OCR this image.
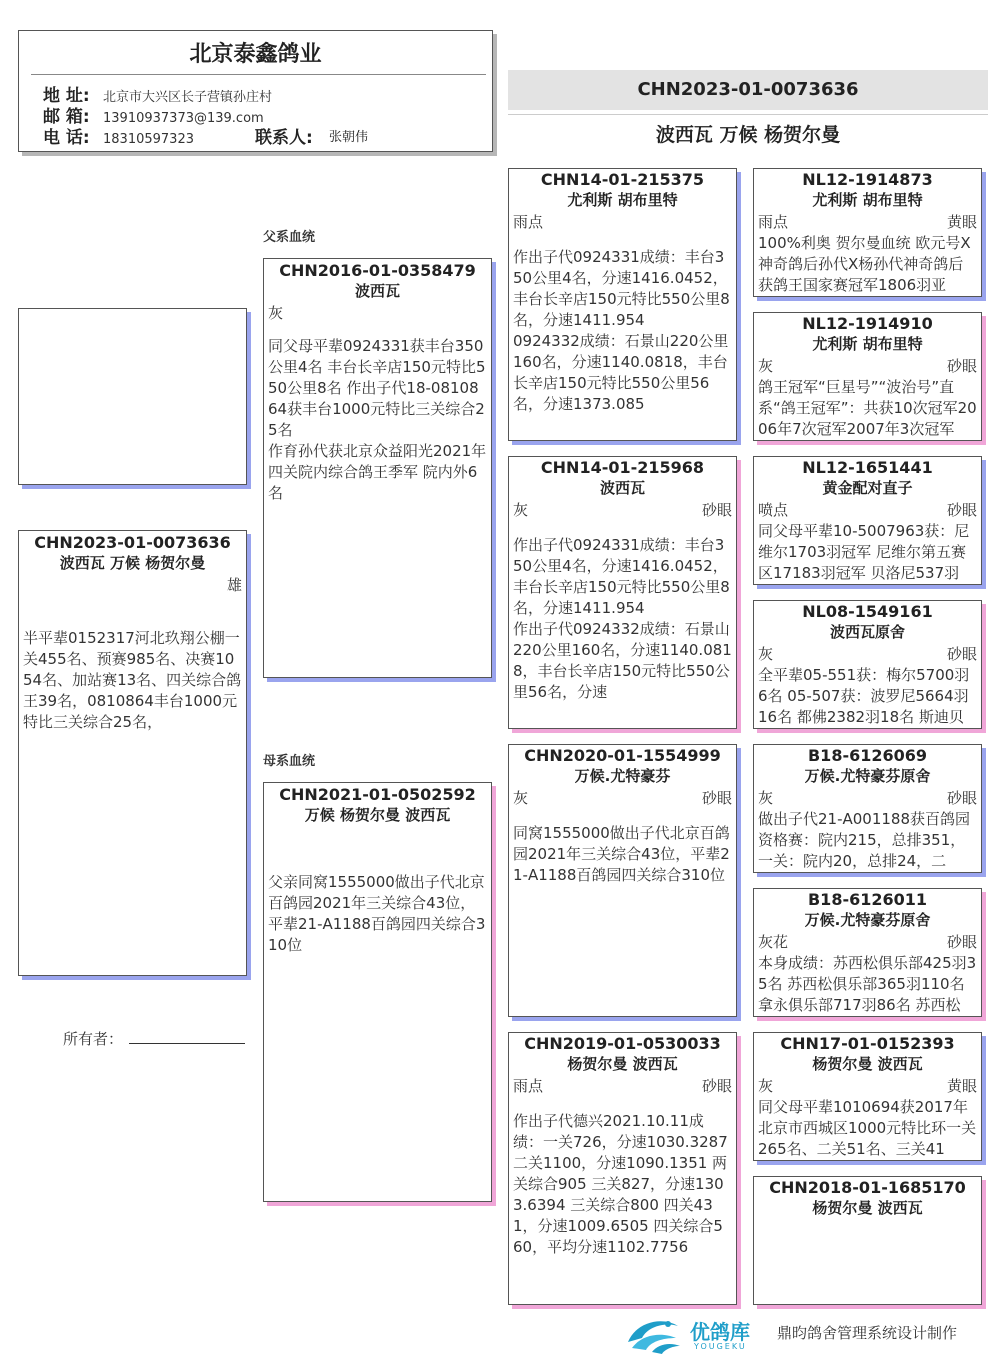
北京泰鑫鸽业
地 址: 北京市大兴区长子营镇孙庄村
邮 箱: 13910937373@139.com
电 话: 18310597323	联系人: 张朝伟
CHN2023-01-0073636
波西瓦 万候 杨贺尔曼
CHN2023-01-0073636
波西瓦 万候 杨贺尔曼
雄
半平辈0152317河北玖翔公棚一关455名、预赛985名、决赛1054名、加站赛13名、四关综合鸽王39名，0810864丰台1000元特比三关综合25名，
所有者：
父系血统
母系血统
CHN2016-01-0358479
波西瓦
灰
同父母平辈0924331获丰台350公里4名 丰台长辛店150元特比550公里8名 作出子代18-0810864获丰台1000元特比三关综合25名
作育孙代获北京众益阳光2021年四关院内综合鸽王季军 院内外6名
CHN2021-01-0502592
万候 杨贺尔曼 波西瓦
父亲同窝1555000做出子代北京百鸽园2021年三关综合43位，平辈21-A1188百鸽园四关综合310位
CHN14-01-215375
尤利斯 胡布里特
雨点
作出子代0924331成绩：丰台350公里4名，分速1416.0452，丰台长辛店150元特比550公里8名，分速1411.954
0924332成绩：石景山220公里160名，分速1140.0818，丰台长辛店150元特比550公里56名，分速1373.085
CHN14-01-215968
波西瓦
灰	砂眼
作出子代0924331成绩：丰台350公里4名，分速1416.0452，丰台长辛店150元特比550公里8名，分速1411.954
作出子代0924332成绩：石景山220公里160名，分速1140.0818，丰台长辛店150元特比550公里56名，分速
CHN2020-01-1554999
万候.尤特豪芬
灰	砂眼
同窝1555000做出子代北京百鸽园2021年三关综合43位，平辈21-A1188百鸽园四关综合310位
CHN2019-01-0530033
杨贺尔曼 波西瓦
雨点	砂眼
作出子代德兴2021.10.11成绩：一关726，分速1030.3287 二关1100，分速1090.1351 两关综合905 三关827，分速1303.6394 三关综合800 四关431，分速1009.6505 四关综合560，平均分速1102.7756
NL12-1914873
尤利斯 胡布里特
雨点	黄眼
100%利奥 贺尔曼血统 欧元号X神奇鸽后孙代X杨孙代神奇鸽后获鸽王国家赛冠军1806羽亚
NL12-1914910
尤利斯 胡布里特
灰	砂眼
鸽王冠军“巨星号”“波治号”直系“鸽王冠军”：共获10次冠军2006年7次冠军2007年3次冠军
NL12-1651441
黄金配对直子
喷点	砂眼
同父母平辈10-5007963获：尼维尔1703羽冠军 尼维尔第五赛区17183羽冠军 贝洛尼537羽
NL08-1549161
波西瓦原舍
灰	砂眼
全平辈05-551获：梅尔5700羽6名 05-507获：波罗尼5664羽16名 都佛2382羽18名 斯迪贝
B18-6126069
万候.尤特豪芬原舍
灰	砂眼
做出子代21-A001188获百鸽园资格赛：院内215，总排351，一关：院内20，总排24，二
B18-6126011
万候.尤特豪芬原舍
灰花	砂眼
本身成绩：苏西松俱乐部425羽35名 苏西松俱乐部365羽110名 拿永俱乐部717羽86名 苏西松
CHN17-01-0152393
杨贺尔曼 波西瓦
灰	黄眼
同父母平辈1010694获2017年北京市西城区1000元特比环一关265名、二关51名、三关41
CHN2018-01-1685170
杨贺尔曼 波西瓦
优鸽库
YOUGEKU
鼎昀鸽舍管理系统设计制作
